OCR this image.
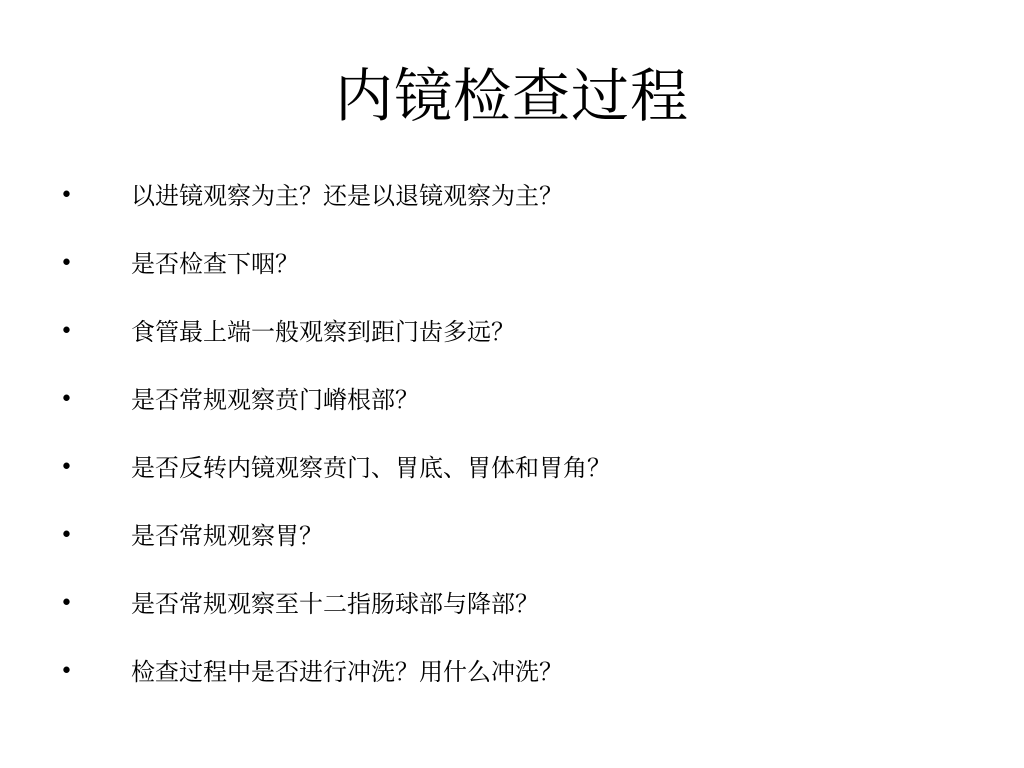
内镜检查过程
• 以进镜观察为主？还是以退镜观察为主？
• 是否检查下咽？
• 食管最上端一般观察到距门齿多远？
• 是否常规观察贲门嵴根部？
• 是否反转内镜观察贲门、胃底、胃体和胃角？
• 是否常规观察胃？
• 是否常规观察至十二指肠球部与降部？
• 检查过程中是否进行冲洗？用什么冲洗？
